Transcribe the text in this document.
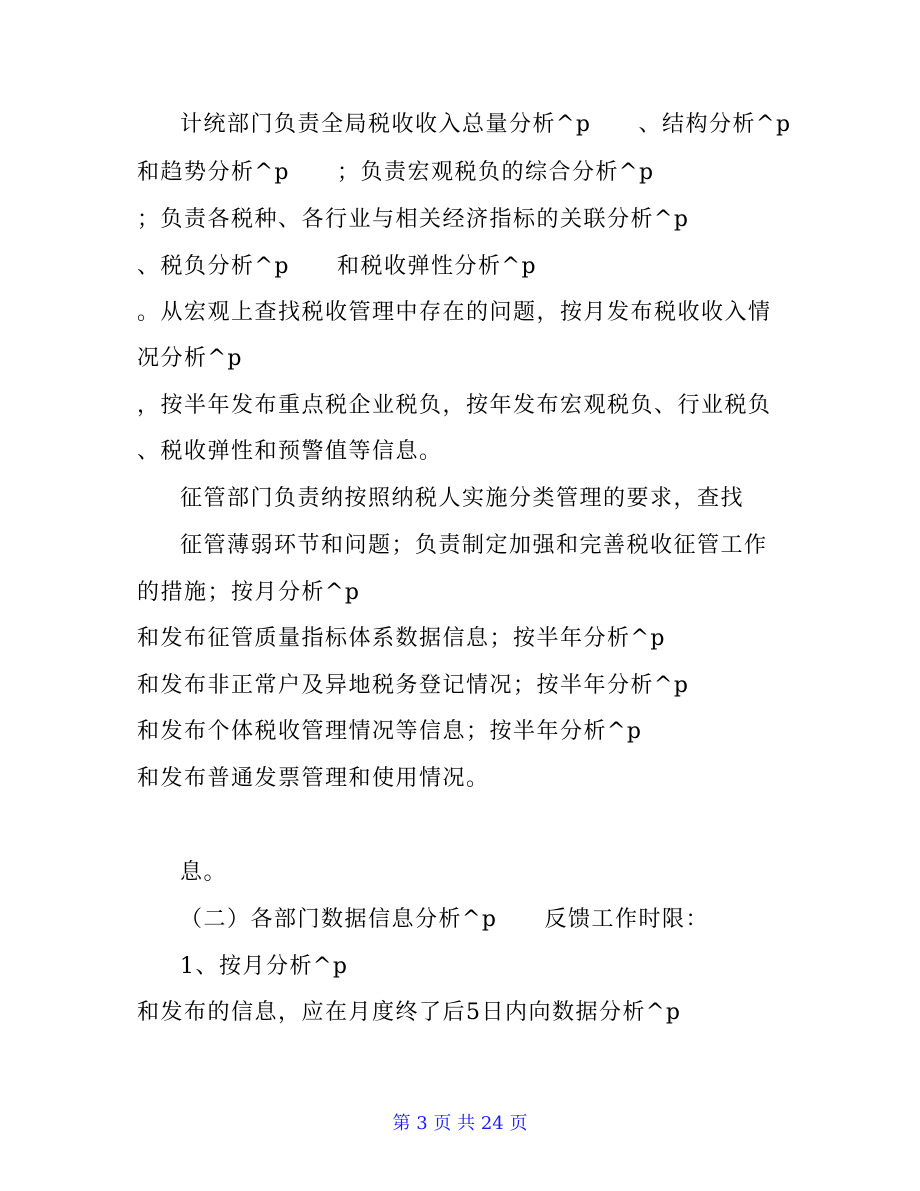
计统部门负责全局税收收入总量分析^p　　、结构分析^p
和趋势分析^p　　；负责宏观税负的综合分析^p
；负责各税种、各行业与相关经济指标的关联分析^p
、税负分析^p　　和税收弹性分析^p
。从宏观上查找税收管理中存在的问题，按月发布税收收入情
况分析^p
，按半年发布重点税企业税负，按年发布宏观税负、行业税负
、税收弹性和预警值等信息。
征管部门负责纳按照纳税人实施分类管理的要求，查找
征管薄弱环节和问题；负责制定加强和完善税收征管工作
的措施；按月分析^p
和发布征管质量指标体系数据信息；按半年分析^p
和发布非正常户及异地税务登记情况；按半年分析^p
和发布个体税收管理情况等信息；按半年分析^p
和发布普通发票管理和使用情况。
息。
（二）各部门数据信息分析^p　　反馈工作时限：
1、按月分析^p
和发布的信息，应在月度终了后5日内向数据分析^p
第 3 页 共 24 页
